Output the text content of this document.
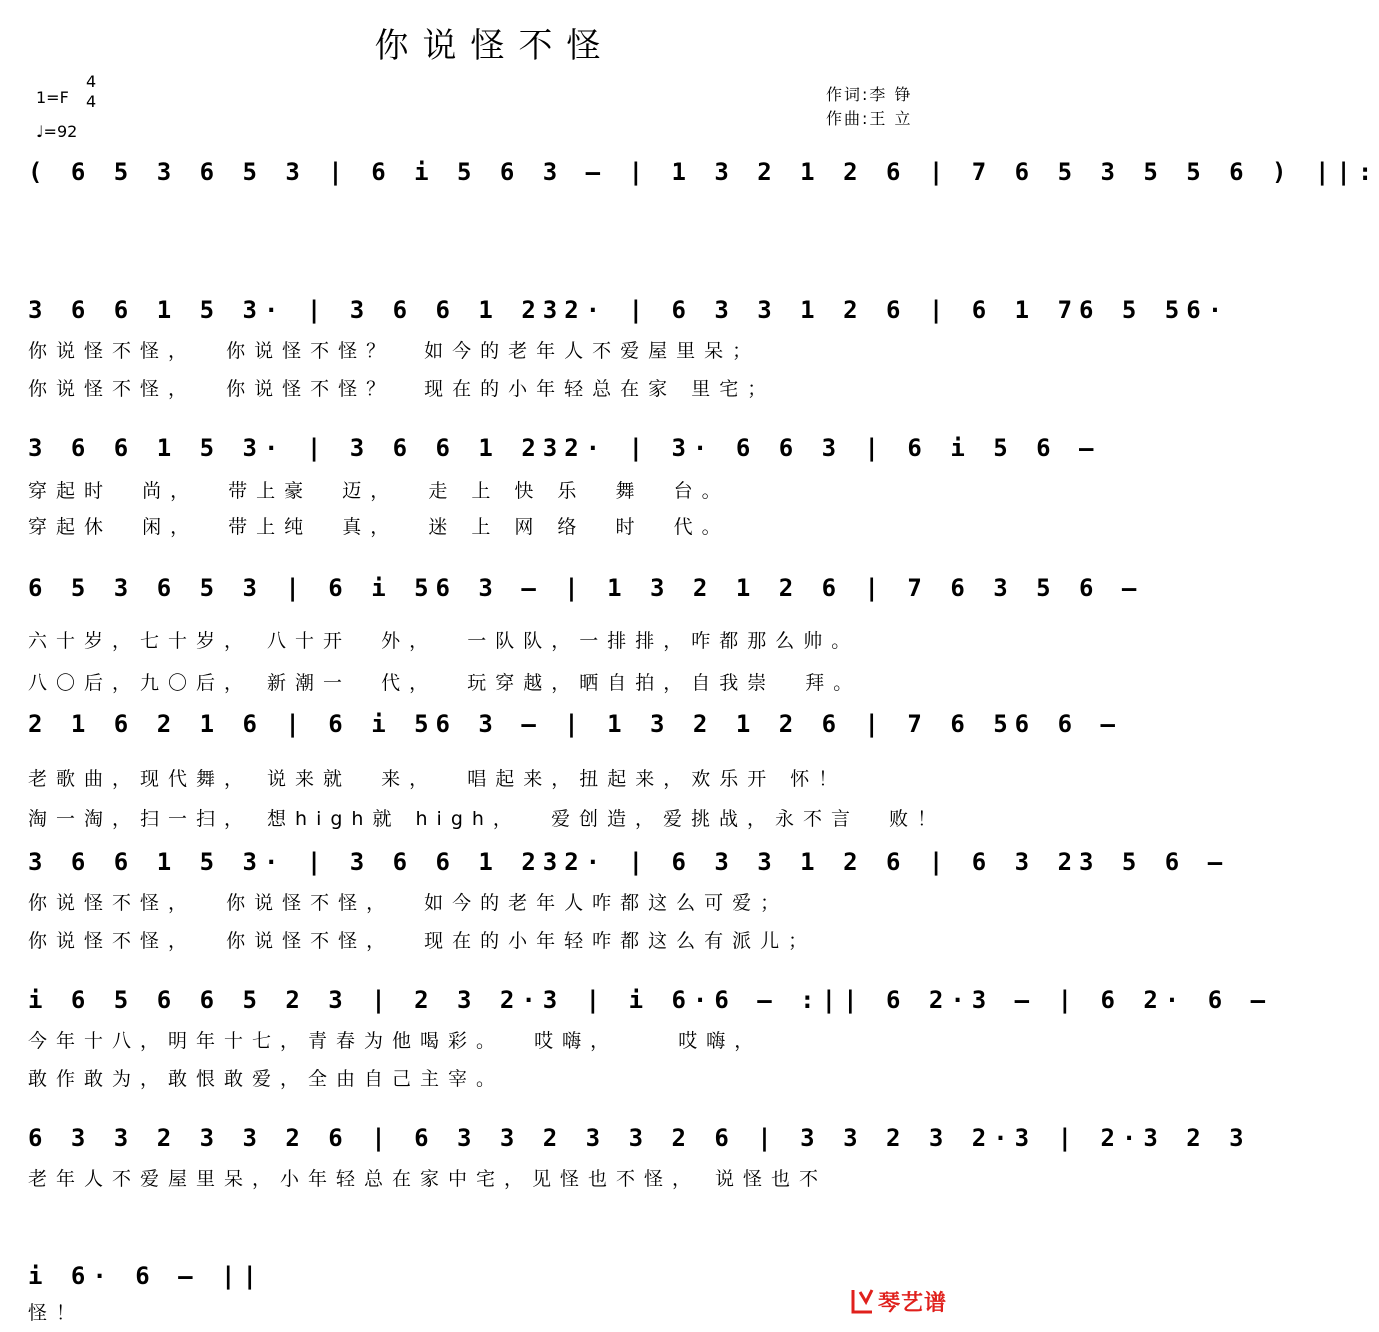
你说怪不怪
1=F
4
4
♩=92
作词:李 铮
作曲:王 立
( 6 5 3 6 5 3 | 6 i 5 6 3 – | 1 3 2 1 2 6 | 7 6 5 3 5 5 6 ) ||:
3 6 6 1 5 3· | 3 6 6 1 232· | 6 3 3 1 2 6 | 6 1 76 5 56·
你说怪不怪，  你说怪不怪？  如今的老年人不爱屋里呆；
你说怪不怪，  你说怪不怪？  现在的小年轻总在家 里宅；
3 6 6 1 5 3· | 3 6 6 1 232· | 3· 6 6 3 | 6 i 5 6 –
穿起时  尚，  带上豪  迈，  走 上 快 乐  舞  台。
穿起休  闲，  带上纯  真，  迷 上 网 络  时  代。
6 5 3 6 5 3 | 6 i 56 3 – | 1 3 2 1 2 6 | 7 6 3 5 6 –
六十岁，七十岁， 八十开  外，  一队队，一排排，咋都那么帅。
八〇后，九〇后， 新潮一  代，  玩穿越，晒自拍，自我崇  拜。
2 1 6 2 1 6 | 6 i 56 3 – | 1 3 2 1 2 6 | 7 6 56 6 –
老歌曲，现代舞， 说来就  来，  唱起来，扭起来，欢乐开 怀！
淘一淘，扫一扫， 想high就 high，  爱创造，爱挑战，永不言  败！
3 6 6 1 5 3· | 3 6 6 1 232· | 6 3 3 1 2 6 | 6 3 23 5 6 –
你说怪不怪，  你说怪不怪，  如今的老年人咋都这么可爱；
你说怪不怪，  你说怪不怪，  现在的小年轻咋都这么有派儿；
i 6 5 6 6 5 2 3 | 2 3 2·3 | i 6·6 – :|| 6 2·3 – | 6 2· 6 –
今年十八，明年十七，青春为他喝彩。  哎嗨，    哎嗨，
敢作敢为，敢恨敢爱，全由自己主宰。
6 3 3 2 3 3 2 6 | 6 3 3 2 3 3 2 6 | 3 3 2 3 2·3 | 2·3 2 3
老年人不爱屋里呆，小年轻总在家中宅，见怪也不怪， 说怪也不
i 6· 6 – ||
怪！	琴艺谱
